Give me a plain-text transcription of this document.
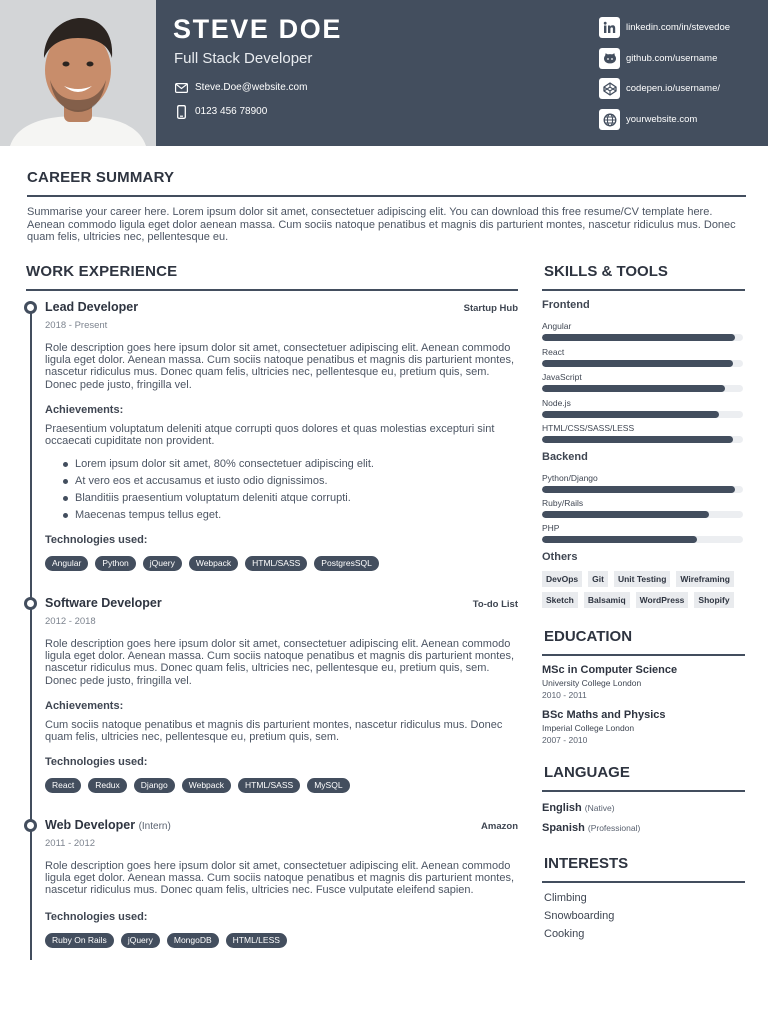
STEVE DOE
Full Stack Developer
Steve.Doe@website.com
0123 456 78900
linkedin.com/in/stevedoe
github.com/username
codepen.io/username/
yourwebsite.com
CAREER SUMMARY
Summarise your career here. Lorem ipsum dolor sit amet, consectetuer adipiscing elit. You can download this free resume/CV template here. Aenean commodo ligula eget dolor aenean massa. Cum sociis natoque penatibus et magnis dis parturient montes, nascetur ridiculus mus. Donec quam felis, ultricies nec, pellentesque eu.
WORK EXPERIENCE
Lead Developer	Startup Hub
2018 - Present
Role description goes here ipsum dolor sit amet, consectetuer adipiscing elit. Aenean commodo ligula eget dolor. Aenean massa. Cum sociis natoque penatibus et magnis dis parturient montes, nascetur ridiculus mus. Donec quam felis, ultricies nec, pellentesque eu, pretium quis, sem. Donec pede justo, fringilla vel.
Achievements:
Praesentium voluptatum deleniti atque corrupti quos dolores et quas molestias excepturi sint occaecati cupiditate non provident.
Lorem ipsum dolor sit amet, 80% consectetuer adipiscing elit.
At vero eos et accusamus et iusto odio dignissimos.
Blanditiis praesentium voluptatum deleniti atque corrupti.
Maecenas tempus tellus eget.
Technologies used:
Angular	Python	jQuery	Webpack	HTML/SASS	PostgresSQL
Software Developer	To-do List
2012 - 2018
Role description goes here ipsum dolor sit amet, consectetuer adipiscing elit. Aenean commodo ligula eget dolor. Aenean massa. Cum sociis natoque penatibus et magnis dis parturient montes, nascetur ridiculus mus. Donec quam felis, ultricies nec, pellentesque eu, pretium quis, sem. Donec pede justo, fringilla vel.
Achievements:
Cum sociis natoque penatibus et magnis dis parturient montes, nascetur ridiculus mus. Donec quam felis, ultricies nec, pellentesque eu, pretium quis, sem.
Technologies used:
React	Redux	Django	Webpack	HTML/SASS	MySQL
Web Developer (Intern)	Amazon
2011 - 2012
Role description goes here ipsum dolor sit amet, consectetuer adipiscing elit. Aenean commodo ligula eget dolor. Aenean massa. Cum sociis natoque penatibus et magnis dis parturient montes, nascetur ridiculus mus. Donec quam felis, ultricies nec. Fusce vulputate eleifend sapien.
Technologies used:
Ruby On Rails	jQuery	MongoDB	HTML/LESS
SKILLS & TOOLS
Frontend
Angular
React
JavaScript
Node.js
HTML/CSS/SASS/LESS
Backend
Python/Django
Ruby/Rails
PHP
Others
DevOps	Git	Unit Testing	Wireframing
Sketch	Balsamiq	WordPress	Shopify
EDUCATION
MSc in Computer Science
University College London
2010 - 2011
BSc Maths and Physics
Imperial College London
2007 - 2010
LANGUAGE
English (Native)
Spanish (Professional)
INTERESTS
Climbing
Snowboarding
Cooking
